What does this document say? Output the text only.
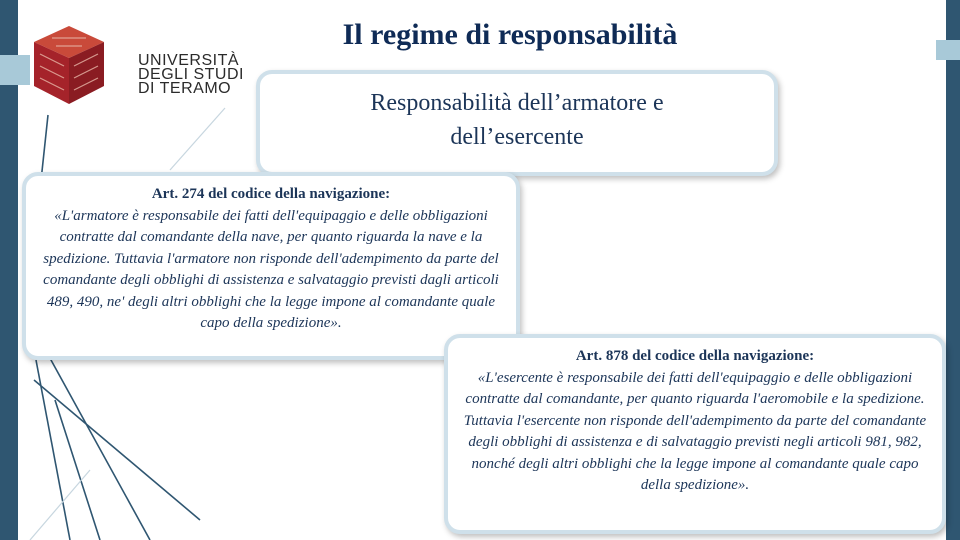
UNIVERSITÀ
DEGLI STUDI
DI TERAMO
Il regime di responsabilità
Responsabilità dell’armatore e dell’esercente
Art. 274 del codice della navigazione:
«L'armatore è responsabile dei fatti dell'equipaggio e delle obbligazioni contratte dal comandante della nave, per quanto riguarda la nave e la spedizione. Tuttavia l'armatore non risponde dell'adempimento da parte del comandante degli obblighi di assistenza e salvataggio previsti dagli articoli 489, 490, ne' degli altri obblighi che la legge impone al comandante quale capo della spedizione».
Art. 878 del codice della navigazione:
«L'esercente è responsabile dei fatti dell'equipaggio e delle obbligazioni contratte dal comandante, per quanto riguarda l'aeromobile e la spedizione. Tuttavia l'esercente non risponde dell'adempimento da parte del comandante degli obblighi di assistenza e di salvataggio previsti negli articoli 981, 982, nonché degli altri obblighi che la legge impone al comandante quale capo della spedizione».
